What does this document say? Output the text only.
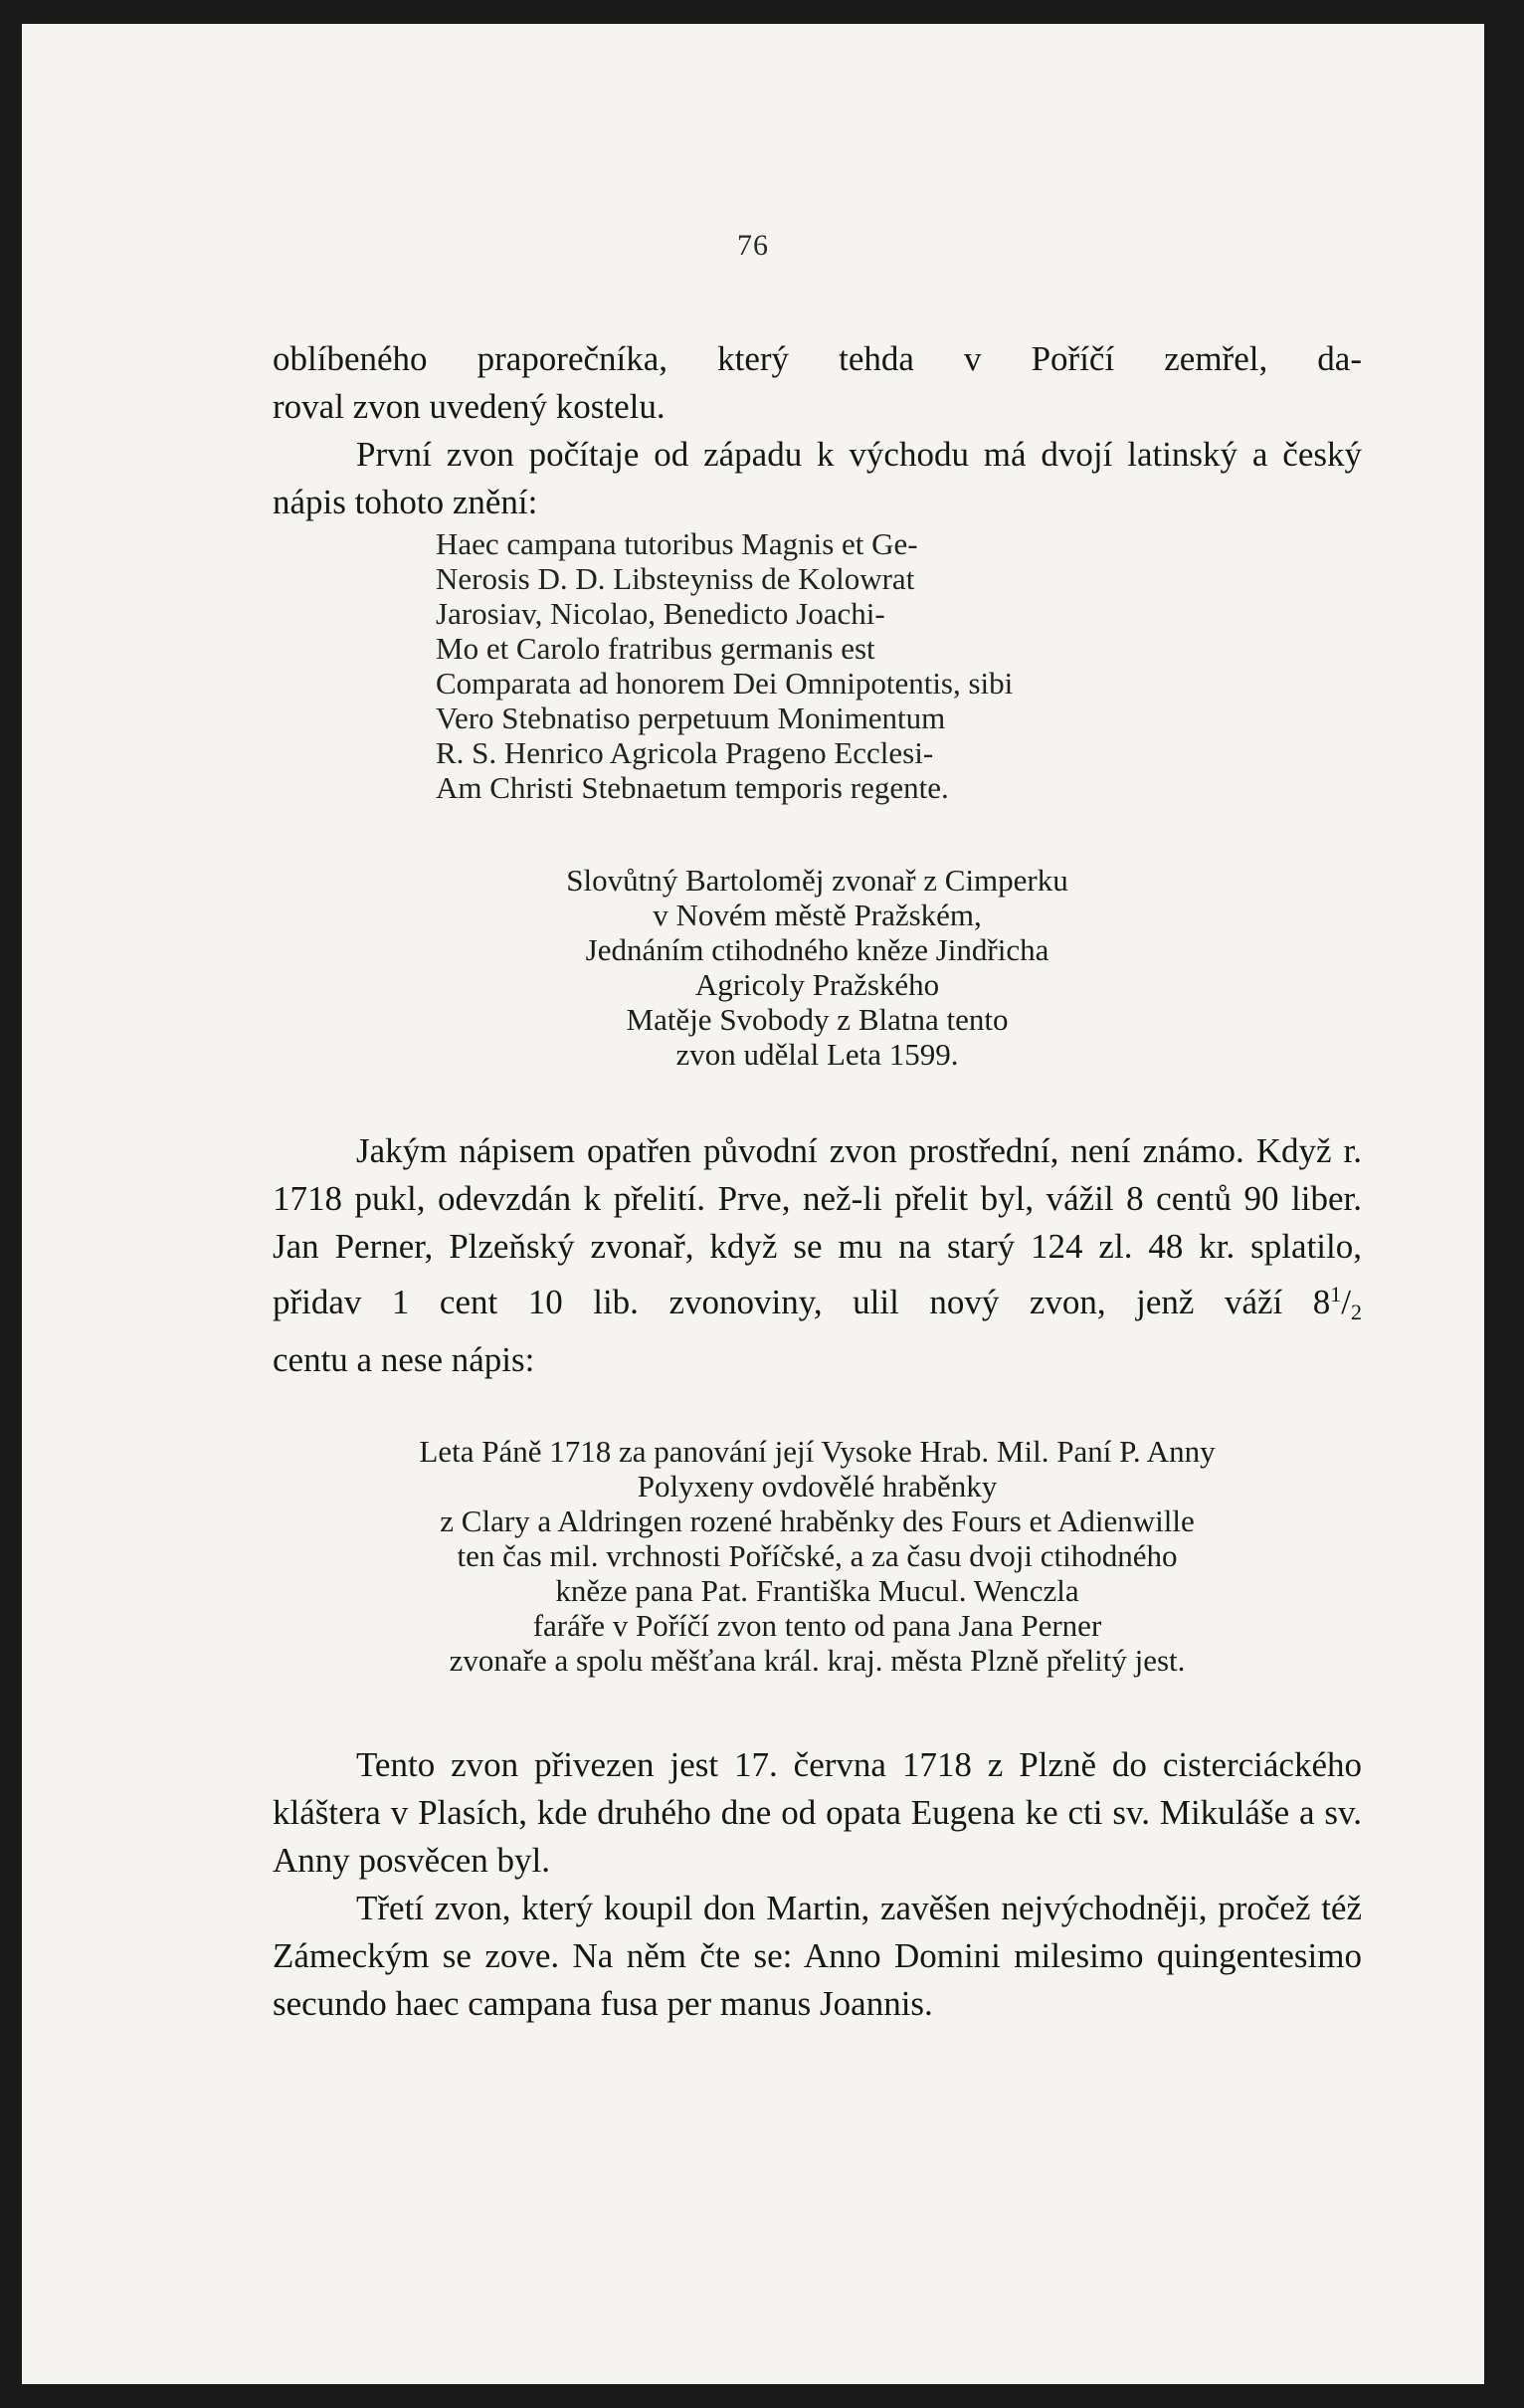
76
oblíbeného praporečníka, který tehda v Poříčí zemřel, da-
roval zvon uvedený kostelu.

První zvon počítaje od západu k východu má dvojí latinský a český nápis tohoto znění:

Haec campana tutoribus Magnis et Ge-
Nerosis D. D. Libsteyniss de Kolowrat
Jarosiav, Nicolao, Benedicto Joachi-
Mo et Carolo fratribus germanis est
Comparata ad honorem Dei Omnipotentis, sibi
Vero Stebnatiso perpetuum Monimentum
R. S. Henrico Agricola Prageno Ecclesi-
Am Christi Stebnaetum temporis regente.
Slovůtný Bartoloměj zvonař z Cimperku
v Novém městě Pražském,
Jednáním ctihodného kněze Jindřicha
Agricoly Pražského
Matěje Svobody z Blatna tento
zvon udělal Leta 1599.

Jakým nápisem opatřen původní zvon prostřední, není známo. Když r. 1718 pukl, odevzdán k přelití. Prve, než-li přelit byl, vážil 8 centů 90 liber. Jan Perner, Plzeňský zvonař, když se mu na starý 124 zl. 48 kr. splatilo, přidav 1 cent 10 lib. zvonoviny, ulil nový zvon, jenž váží $8^1/_2$

centu a nese nápis:

Leta Páně 1718 za panování její Vysoke Hrab. Mil. Paní P. Anny
Polyxeny ovdovělé hraběnky
z Clary a Aldringen rozené hraběnky des Fours et Adienwille
ten čas mil. vrchnosti Poříčské, a za času dvoji ctihodného
kněze pana Pat. Františka Mucul. Wenczla
faráře v Poříčí zvon tento od pana Jana Perner
zvonaře a spolu měšťana král. kraj. města Plzně přelitý jest.

Tento zvon přivezen jest 17. června 1718 z Plzně do cisterciáckého kláštera v Plasích, kde druhého dne od opata Eugena ke cti sv. Mikuláše a sv. Anny posvěcen byl.

Třetí zvon, který koupil don Martin, zavěšen nejvýchodněji, pročež též Zámeckým se zove. Na něm čte se: Anno Domini milesimo quingentesimo secundo haec campana fusa per manus Joannis.
